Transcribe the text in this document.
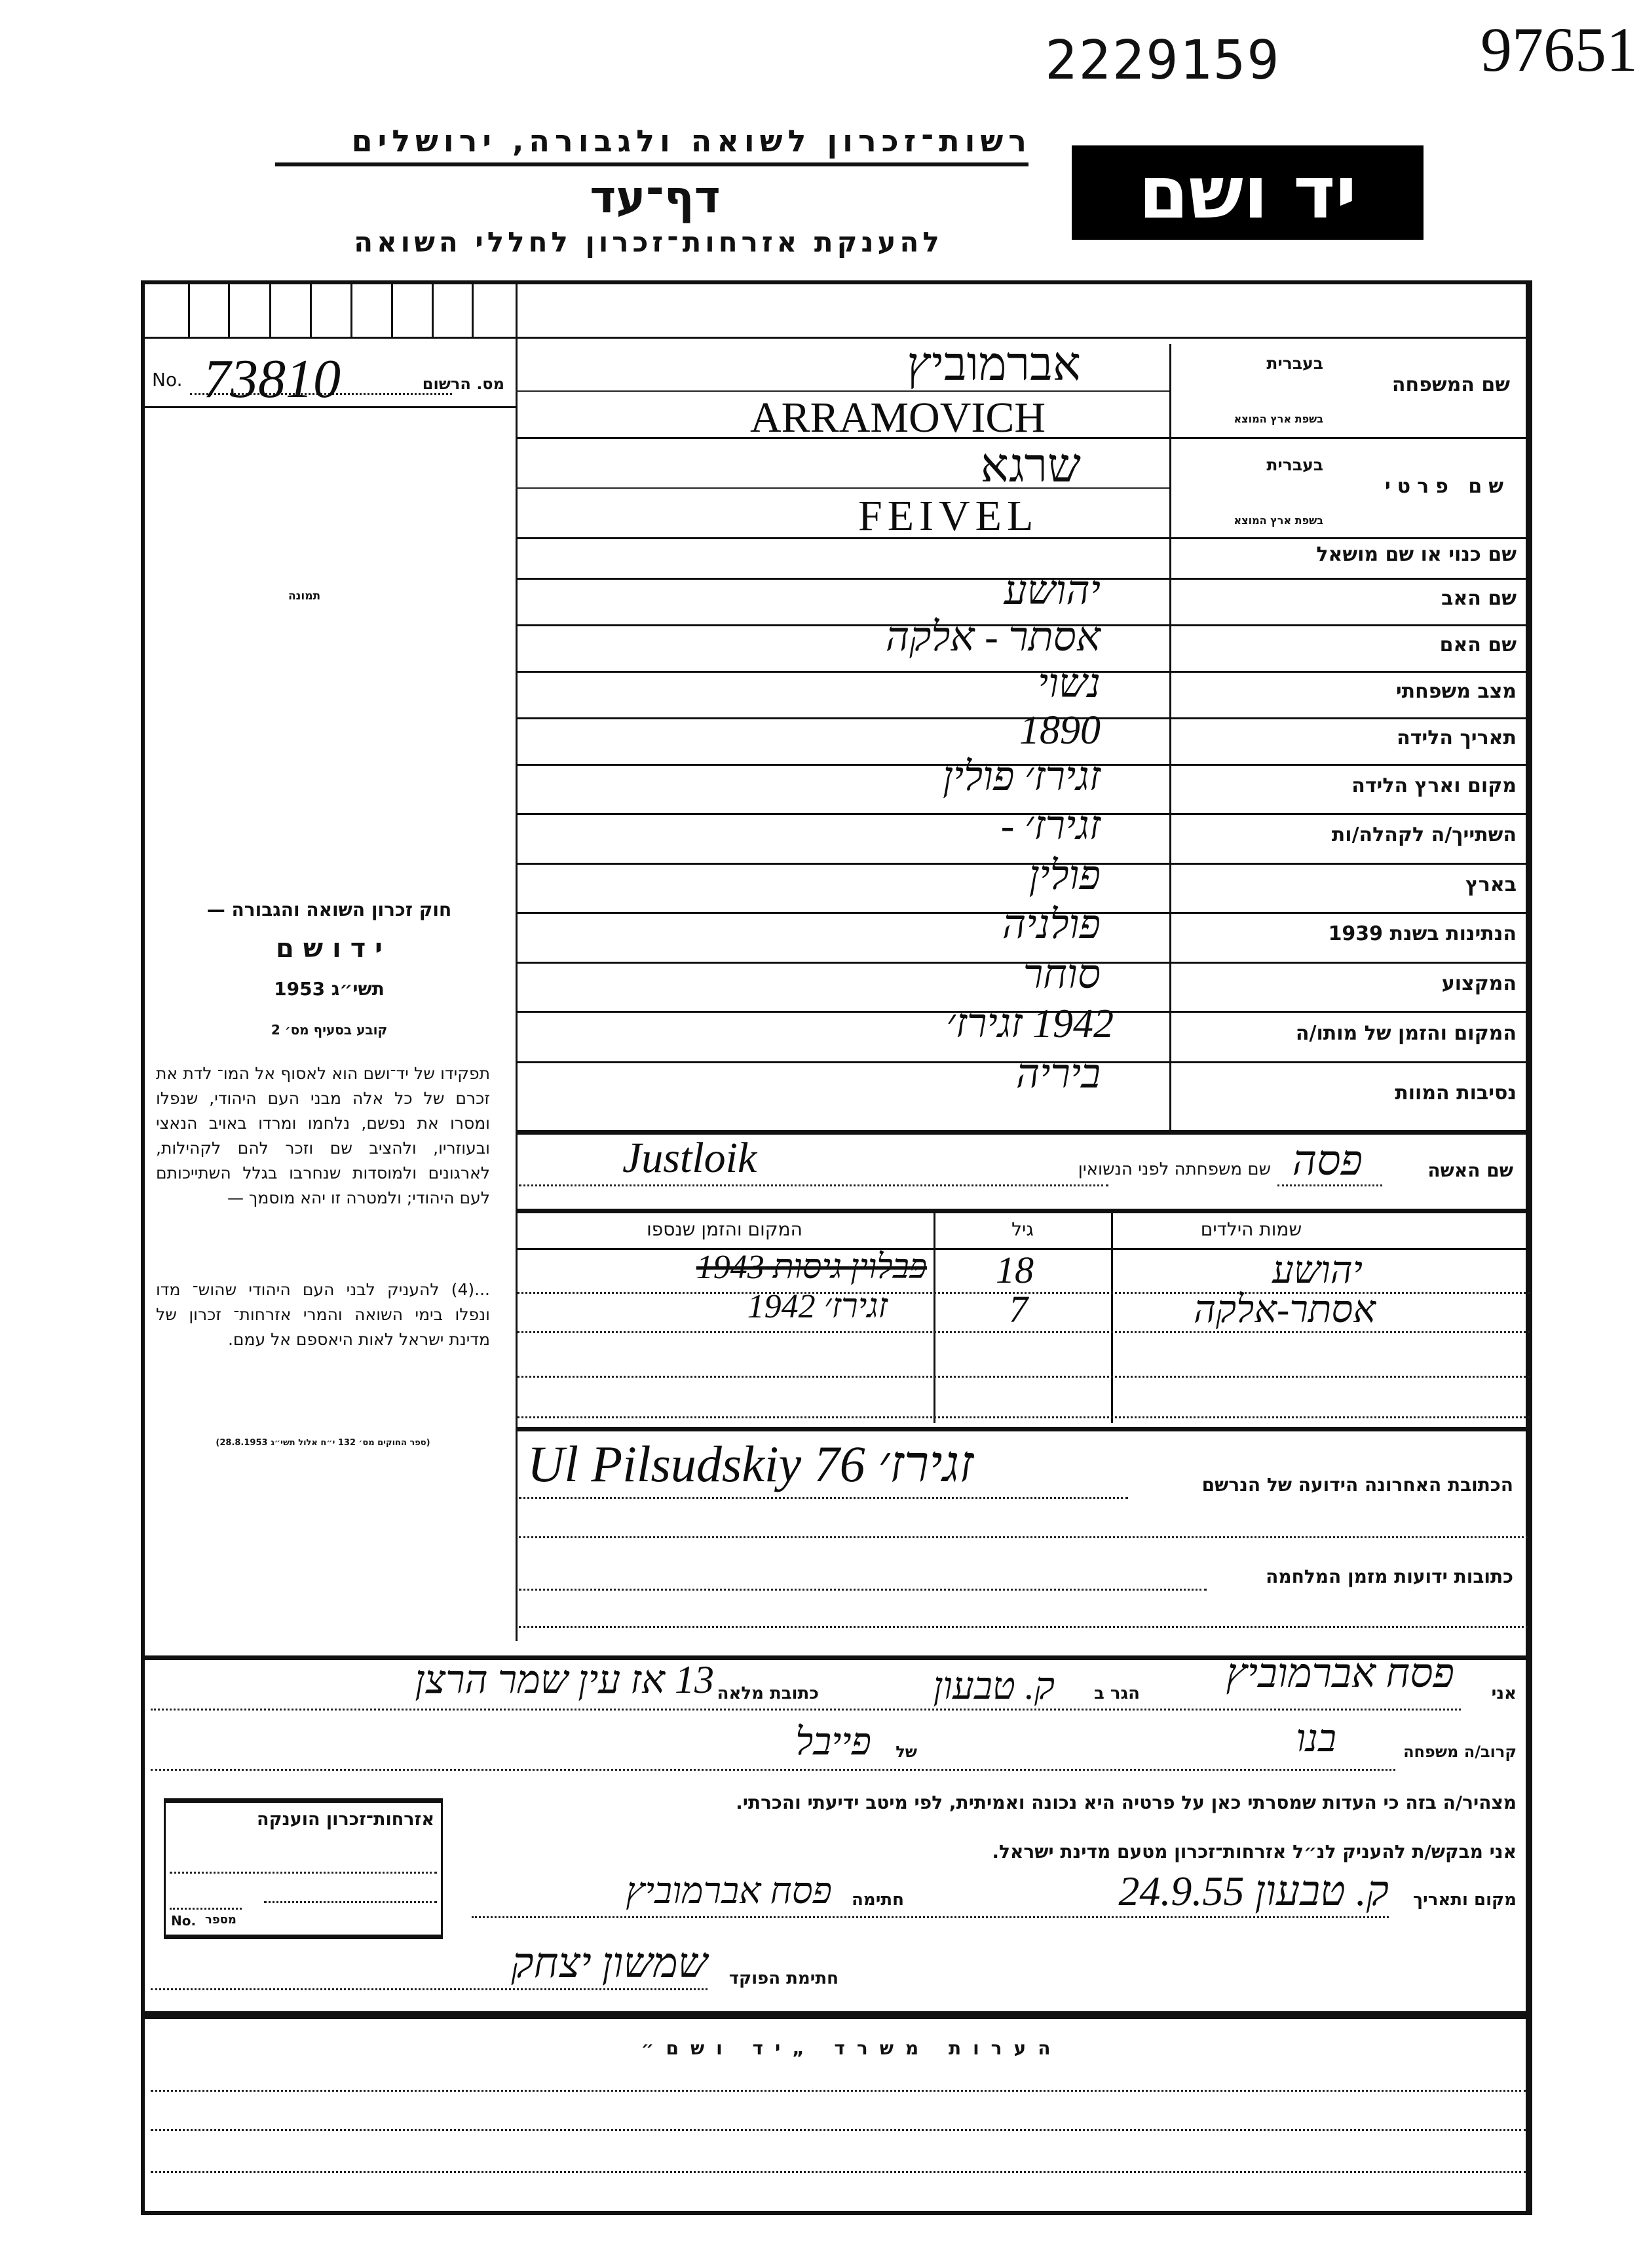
97651
2229159
רשות־זכרון לשואה ולגבורה, ירושלים
דף־עד
להענקת אזרחות־זכרון לחללי השואה
יד ושם
No. 73810	מס. הרשום
תמונה
חוק זכרון השואה והגבורה —
י ד ו ש ם
תשי״ג 1953
קובע בסעיף מס׳ 2
תפקידו של יד־ושם הוא לאסוף אל המו־ לדת את זכרם של כל אלה מבני העם היהודי, שנפלו ומסרו את נפשם, נלחמו ומרדו באויב הנאצי ובעוזריו, ולהציב שם וזכר להם לקהילות, לארגונים ולמוסדות שנחרבו בגלל השתייכותם לעם היהודי; ולמטרה זו יהא מוסמך —
...(4) להעניק לבני העם היהודי שהוש־ מדו ונפלו בימי השואה והמרי אזרחות־ זכרון של מדינת ישראל לאות היאספם אל עמם.
(ספר החוקים מס׳ 132 י״ח אלול תשי״ג 28.8.1953)
שם המשפחה
בעברית
בשפת ארץ המוצא
אברמוביץ
ARRAMOVICH
שם פרטי
בעברית
בשפת ארץ המוצא
שרגא
FEIVEL
שם כנוי או שם מושאל
שם האב
יהושע
שם האם
אסתר - אלקה
מצב משפחתי
נשוי
תאריך הלידה
1890
מקום וארץ הלידה
זגירז׳ פולין
השתייך/ה לקהלה/ות
זגירז׳ -
בארץ
פולין
הנתינות בשנת 1939
פולניה
המקצוע
סוחר
המקום והזמן של מותו/ה
1942 זגירז׳
נסיבות המוות
ביריה
שם האשה
פסה
שם משפחתה לפני הנשואין
Justloik
שמות הילדים
גיל
המקום והזמן שנספו
יהושע
18
פבלוין גיסות 1943
אסתר-אלקה
7
זגירז׳ 1942
הכתובת האחרונה הידועה של הנרשם
Ul Pilsudskiy 76 זגירז׳
כתובות ידועות מזמן המלחמה
אני
פסח אברמוביץ
הגר ב
ק. טבעון
כתובת מלאה
13 אז עין שמר הרצן
קרוב/ה משפחה
בנו
של
פייבל
מצהיר/ה בזה כי העדות שמסרתי כאן על פרטיה היא נכונה ואמיתית, לפי מיטב ידיעתי והכרתי.
אני מבקש/ת להעניק לנ״ל אזרחות־זכרון מטעם מדינת ישראל.
מקום ותאריך
ק. טבעון 24.9.55
חתימה
פסח אברמוביץ
חתימת הפוקד
שמשון יצחק
אזרחות־זכרון הוענקה
No. מספר
הערות משרד „יד ושם״
